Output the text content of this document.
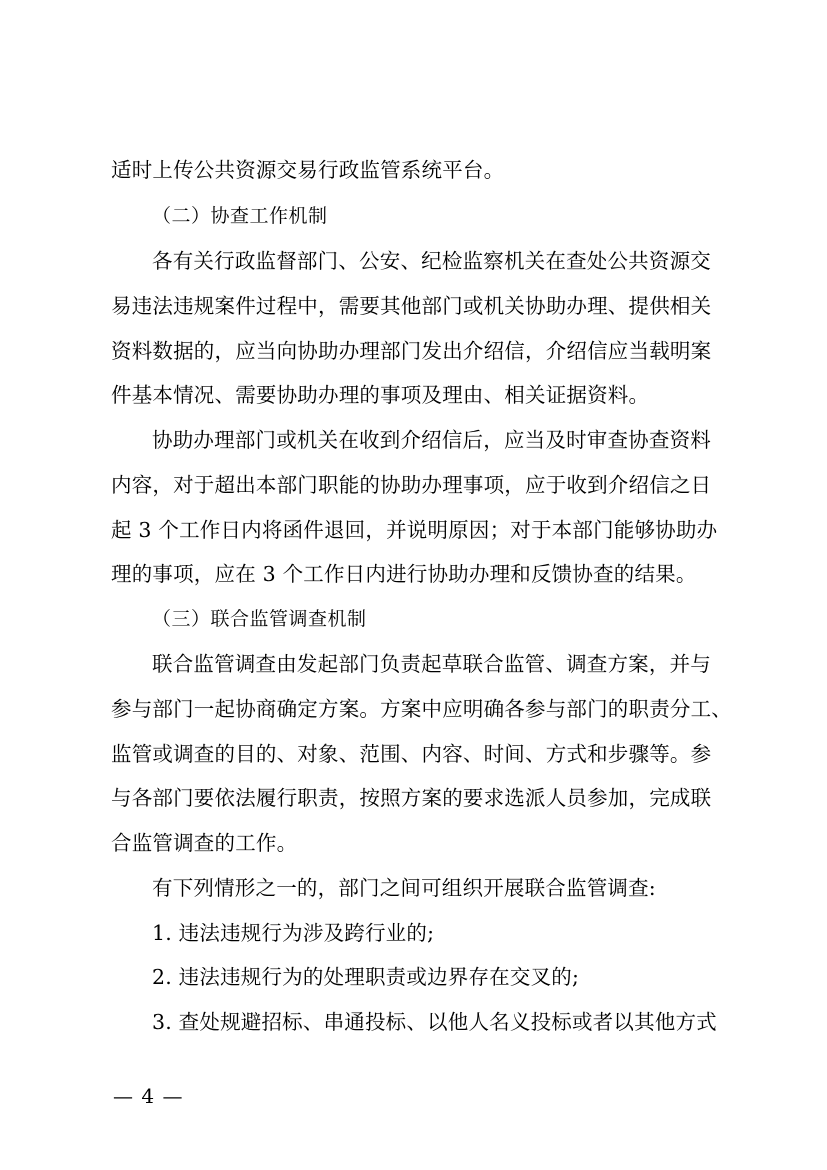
适时上传公共资源交易行政监管系统平台。
（二）协查工作机制
各有关行政监督部门、公安、纪检监察机关在查处公共资源交
易违法违规案件过程中，需要其他部门或机关协助办理、提供相关
资料数据的，应当向协助办理部门发出介绍信，介绍信应当载明案
件基本情况、需要协助办理的事项及理由、相关证据资料。
协助办理部门或机关在收到介绍信后，应当及时审查协查资料
内容，对于超出本部门职能的协助办理事项，应于收到介绍信之日
起 3 个工作日内将函件退回，并说明原因；对于本部门能够协助办
理的事项，应在 3 个工作日内进行协助办理和反馈协查的结果。
（三）联合监管调查机制
联合监管调查由发起部门负责起草联合监管、调查方案，并与
参与部门一起协商确定方案。方案中应明确各参与部门的职责分工、
监管或调查的目的、对象、范围、内容、时间、方式和步骤等。参
与各部门要依法履行职责，按照方案的要求选派人员参加，完成联
合监管调查的工作。
有下列情形之一的，部门之间可组织开展联合监管调查:
1. 违法违规行为涉及跨行业的;
2. 违法违规行为的处理职责或边界存在交叉的;
3. 查处规避招标、串通投标、以他人名义投标或者以其他方式
— 4 —
